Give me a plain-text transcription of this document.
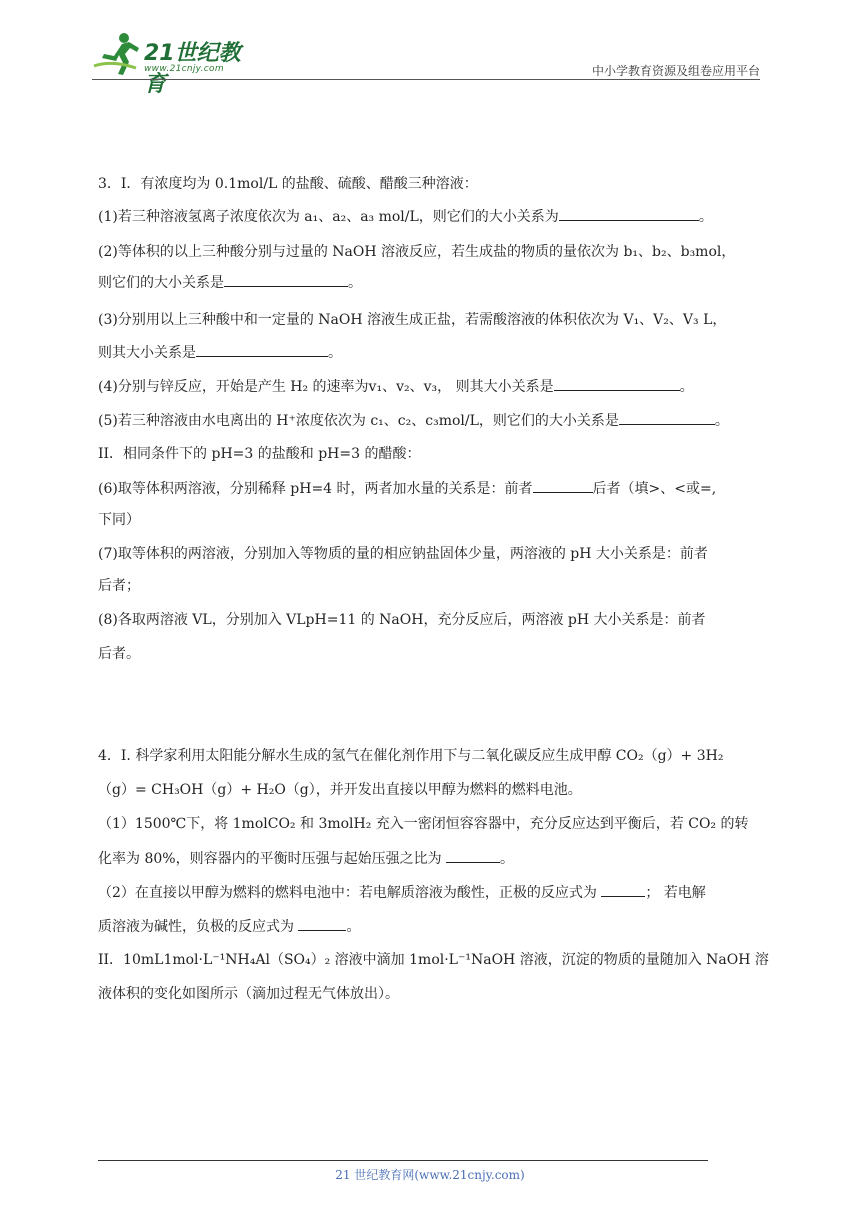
21世纪教育
www.21cnjy.com	中小学教育资源及组卷应用平台
3．I．有浓度均为 0.1mol/L 的盐酸、硫酸、醋酸三种溶液：
(1)若三种溶液氢离子浓度依次为 a₁、a₂、a₃ mol/L，则它们的大小关系为	。
(2)等体积的以上三种酸分别与过量的 NaOH 溶液反应，若生成盐的物质的量依次为 b₁、b₂、b₃mol，
则它们的大小关系是	。
(3)分别用以上三种酸中和一定量的 NaOH 溶液生成正盐，若需酸溶液的体积依次为 V₁、V₂、V₃ L，
则其大小关系是	。
(4)分别与锌反应，开始是产生 H₂ 的速率为v₁、v₂、v₃， 则其大小关系是	。
(5)若三种溶液由水电离出的 H⁺浓度依次为 c₁、c₂、c₃mol/L，则它们的大小关系是	。
II．相同条件下的 pH=3 的盐酸和 pH=3 的醋酸：
(6)取等体积两溶液，分别稀释 pH=4 时，两者加水量的关系是：前者	后者（填>、<或=,
下同）
(7)取等体积的两溶液，分别加入等物质的量的相应钠盐固体少量，两溶液的 pH 大小关系是：前者
后者；
(8)各取两溶液 VL，分别加入 VLpH=11 的 NaOH，充分反应后，两溶液 pH 大小关系是：前者
后者。
4．I. 科学家利用太阳能分解水生成的氢气在催化剂作用下与二氧化碳反应生成甲醇 CO₂（g）+ 3H₂
（g）= CH₃OH（g）+ H₂O（g），并开发出直接以甲醇为燃料的燃料电池。
（1）1500℃下，将 1molCO₂ 和 3molH₂ 充入一密闭恒容容器中，充分反应达到平衡后，若 CO₂ 的转
化率为 80%，则容器内的平衡时压强与起始压强之比为	。
（2）在直接以甲醇为燃料的燃料电池中：若电解质溶液为酸性，正极的反应式为	； 若电解
质溶液为碱性，负极的反应式为	。
II．10mL1mol·L⁻¹NH₄Al（SO₄）₂ 溶液中滴加 1mol·L⁻¹NaOH 溶液，沉淀的物质的量随加入 NaOH 溶
液体积的变化如图所示（滴加过程无气体放出）。
21 世纪教育网(www.21cnjy.com)
